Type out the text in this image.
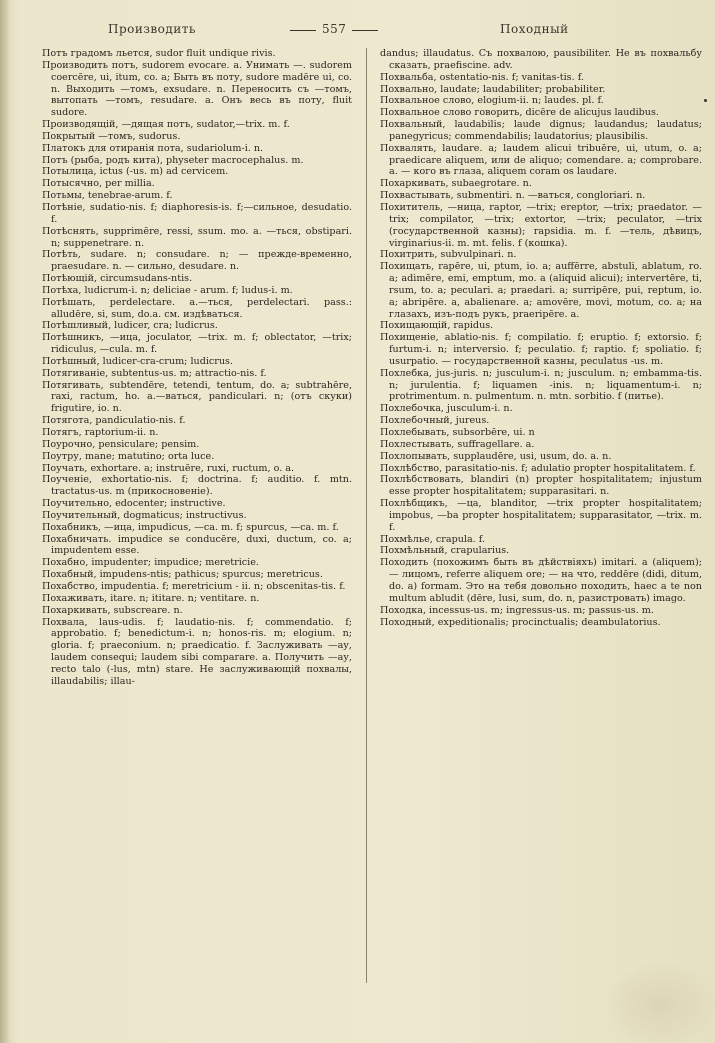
Производить	557	Походный

Потъ градомъ льется, sudor fluit undique rivis.

Производить потъ, sudorem evocare. a. Унимать —. sudorem coercēre, ui, itum, co. a; Быть въ поту, sudore madēre ui, co. n. Выходить —томъ, exsudare. n. Переносить съ —томъ, вытопать —томъ, resudare. a. Онъ весь въ поту, fluit sudore.

Производящій, —дящая потъ, sudator,—trix. m. f.

Покрытый —томъ, sudorus.

Платокъ для отиранія пота, sudariolum-i. n.

Потъ (рыба, родъ кита), physeter macrocephalus. m.

Потылица, ictus (-us. m) ad cervicem.

Потысячно, per millia.

Потьмы, tenebrae-arum. f.

Потѣніе, sudatio-nis. f; diaphoresis-is. f;—сильное, desudatio. f.

Потѣснять, supprimēre, ressi, ssum. mo. a. —ться, obstipari. n; suppenetrare. n.

Потѣть, sudare. n; consudare. n; — прежде-временно, praesudare. n. — сильно, desudare. n.

Потѣющій, circumsudans-ntis.

Потѣха, ludicrum-i. n; deliciae - arum. f; ludus-i. m.

Потѣшать, perdelectare. a.—ться, perdelectari. pass.: alludēre, si, sum, do.a. см. издѣваться.

Потѣшливый, ludicer, cra; ludicrus.

Потѣшникъ, —ица, joculator, —trix. m. f; oblectator, —trix; ridiculus, —cula. m. f.

Потѣшный, ludicer-cra-crum; ludicrus.

Потягиваніе, subtentus-us. m; attractio-nis. f.

Потягивать, subtendēre, tetendi, tentum, do. a; subtrahēre, raxi, ractum, ho. a.—ваться, pandiculari. n; (отъ скуки) frigutire, io. n.

Потягота, pandiculatio-nis. f.

Потягъ, raptorium-ii. n.

Поурочно, pensiculare; pensim.

Поутру, mane; matutino; orta luce.

Поучать, exhortare. a; instruēre, ruxi, ructum, o. a.

Поученіе, exhortatio-nis. f; doctrina. f; auditio. f. mtn. tractatus-us. m (прикосновеніе).

Поучительно, edocenter; instructive.

Поучительный, dogmaticus; instructivus.

Похабникъ, —ица, impudicus, —ca. m. f; spurcus, —ca. m. f.

Похабничать. impudice se conducēre, duxi, ductum, co. a; impudentem esse.

Похабно, impudenter; impudice; meretricie.

Похабный, impudens-ntis; pathicus; spurcus; meretricus.

Похабство, impudentia. f; meretricium - ii. n; obscenitas-tis. f.

Похаживать, itare. n; ititare. n; ventitare. n.

Похаркивать, subscreare. n.

Похвала, laus-udis. f; laudatio-nis. f; commendatio. f; approbatio. f; benedictum-i. n; honos-ris. m; elogium. n; gloria. f; praeconium. n; praedicatio. f. Заслуживать —ау, laudem consequi; laudem sibi comparare. a. Получить —ау, recto talo (-lus, mtn) stare. Не заслуживающій похвалы, illaudabilis; illau-

dandus; illaudatus. Съ похвалою, pausibiliter. Не въ похвальбу сказать, praefiscine. adv.

Похвальба, ostentatio-nis. f; vanitas-tis. f.

Похвально, laudate; laudabiliter; probabiliter.

Похвальное слово, elogium-ii. n; laudes. pl. f.

Похвальное слово говорить, dicēre de alicujus laudibus.

Похвальный, laudabilis; laude dignus; laudandus; laudatus; panegyricus; commendabilis; laudatorius; plausibilis.

Похвалять, laudare. a; laudem alicui tribuēre, ui, utum, o. a; praedicare aliquem, или de aliquo; comendare. a; comprobare. a. — кого въ глаза, aliquem coram os laudare.

Похаркивать, subaegrotare. n.

Похвастывать, submentiri. n. —ваться, congloriari. n.

Похититель, —ница, raptor, —trix; ereptor, —trix; praedator. —trix; compilator, —trix; extortor, —trix; peculator, —trix (государственной казны); rapsidia. m. f. —тель, дѣвицъ, virginarius-ii. m. mt. felis. f (кошка).

Похитрить, subvulpinari. n.

Похищать, rapēre, ui, ptum, io. a; auffērre, abstuli, ablatum, ro. a; adimēre, emi, emptum, mo. a (aliquid alicui); intervertēre, ti, rsum, to. a; peculari. a; praedari. a; surripēre, pui, reptum, io. a; abripēre. a, abalienare. a; amovēre, movi, motum, co. a; на глазахъ, изъ-подъ рукъ, praeripēre. a.

Похищающій, rapidus.

Похищеніе, ablatio-nis. f; compilatio. f; eruptio. f; extorsio. f; furtum-i. n; interversio. f; peculatio. f; raptio. f; spoliatio. f; usurpatio. — государственной казны, peculatus -us. m.

Похлебка, jus-juris. n; jusculum-i. n; jusculum. n; embamma-tis. n; jurulentia. f; liquamen -inis. n; liquamentum-i. n; protrimentum. n. pulmentum. n. mtn. sorbitio. f (питье).

Похлебочка, jusculum-i. n.

Похлебочный, jureus.

Похлебывать, subsorbēre, ui. n

Похлестывать, suffragellare. a.

Похлопывать, supplaudēre, usi, usum, do. a. n.

Похлѣбство, parasitatio-nis. f; adulatio propter hospitalitatem. f.

Похлѣбствовать, blandiri (n) propter hospitalitatem; injustum esse propter hospitalitatem; supparasitari. n.

Похлѣбщикъ, —ца, blanditor, —trix propter hospitalitatem; impobus, —ba propter hospitalitatem; supparasitator, —trix. m. f.

Похмѣлье, crapula. f.

Похмѣльный, crapularius.

Походить (похожимъ быть въ дѣйствіяхъ) imitari. a (aliquem); — лицомъ, referre aliquem ore; — на что, reddēre (didi, ditum, do. a) formam. Это на тебя довольно походить, haec a te non multum abludit (dēre, lusi, sum, do. n, разистровать) imago.

Походка, incessus-us. m; ingressus-us. m; passus-us. m.

Походный, expeditionalis; procinctualis; deambulatorius.
